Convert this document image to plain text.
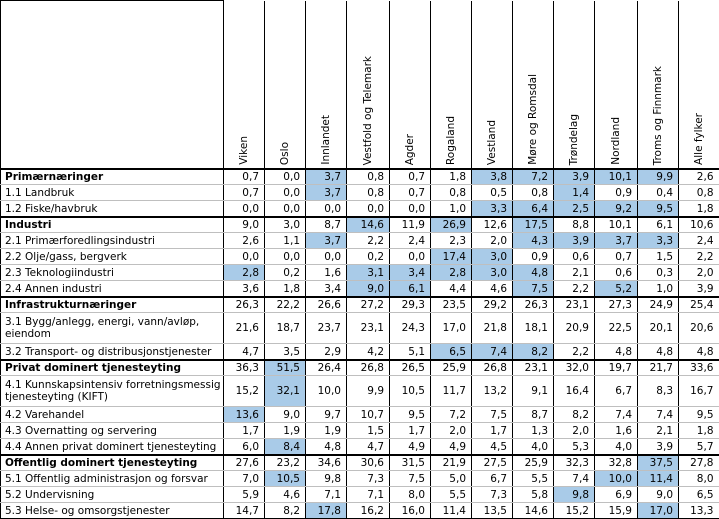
	Viken	Oslo	Innlandet	Vestfold og Telemark	Agder	Rogaland	Vestland	Møre og Romsdal	Trøndelag	Nordland	Troms og Finnmark	Alle fylker
Primærnæringer	0,7	0,0	3,7	0,8	0,7	1,8	3,8	7,2	3,9	10,1	9,9	2,6
1.1 Landbruk	0,7	0,0	3,7	0,8	0,7	0,8	0,5	0,8	1,4	0,9	0,4	0,8
1.2 Fiske/havbruk	0,0	0,0	0,0	0,0	0,0	1,0	3,3	6,4	2,5	9,2	9,5	1,8
Industri	9,0	3,0	8,7	14,6	11,9	26,9	12,6	17,5	8,8	10,1	6,1	10,6
2.1 Primærforedlingsindustri	2,6	1,1	3,7	2,2	2,4	2,3	2,0	4,3	3,9	3,7	3,3	2,4
2.2 Olje/gass, bergverk	0,0	0,0	0,0	0,2	0,0	17,4	3,0	0,9	0,6	0,7	1,5	2,2
2.3 Teknologiindustri	2,8	0,2	1,6	3,1	3,4	2,8	3,0	4,8	2,1	0,6	0,3	2,0
2.4 Annen industri	3,6	1,8	3,4	9,0	6,1	4,4	4,6	7,5	2,2	5,2	1,0	3,9
Infrastrukturnæringer	26,3	22,2	26,6	27,2	29,3	23,5	29,2	26,3	23,1	27,3	24,9	25,4
3.1 Bygg/anlegg, energi, vann/avløp, eiendom	21,6	18,7	23,7	23,1	24,3	17,0	21,8	18,1	20,9	22,5	20,1	20,6
3.2 Transport- og distribusjonstjenester	4,7	3,5	2,9	4,2	5,1	6,5	7,4	8,2	2,2	4,8	4,8	4,8
Privat dominert tjenesteyting	36,3	51,5	26,4	26,8	26,5	25,9	26,8	23,1	32,0	19,7	21,7	33,6
4.1 Kunnskapsintensiv forretningsmessig tjenesteyting (KIFT)	15,2	32,1	10,0	9,9	10,5	11,7	13,2	9,1	16,4	6,7	8,3	16,7
4.2 Varehandel	13,6	9,0	9,7	10,7	9,5	7,2	7,5	8,7	8,2	7,4	7,4	9,5
4.3 Overnatting og servering	1,7	1,9	1,9	1,5	1,7	2,0	1,7	1,3	2,0	1,6	2,1	1,8
4.4 Annen privat dominert tjenesteyting	6,0	8,4	4,8	4,7	4,9	4,9	4,5	4,0	5,3	4,0	3,9	5,7
Offentlig dominert tjenesteyting	27,6	23,2	34,6	30,6	31,5	21,9	27,5	25,9	32,3	32,8	37,5	27,8
5.1 Offentlig administrasjon og forsvar	7,0	10,5	9,8	7,3	7,5	5,0	6,7	5,5	7,4	10,0	11,4	8,0
5.2 Undervisning	5,9	4,6	7,1	7,1	8,0	5,5	7,3	5,8	9,8	6,9	9,0	6,5
5.3 Helse- og omsorgstjenester	14,7	8,2	17,8	16,2	16,0	11,4	13,5	14,6	15,2	15,9	17,0	13,3
